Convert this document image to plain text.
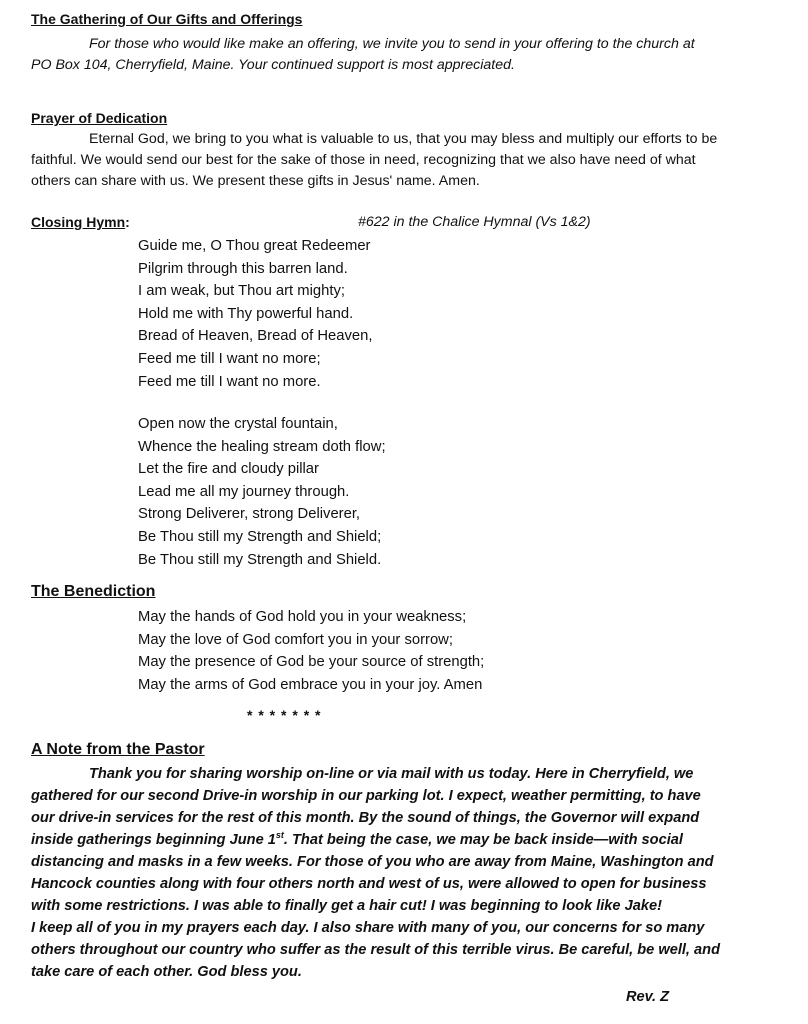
The Gathering of Our Gifts and Offerings
For those who would like make an offering, we invite you to send in your offering to the church at
PO Box 104, Cherryfield, Maine. Your continued support is most appreciated.
Prayer of Dedication
Eternal God, we bring to you what is valuable to us, that you may bless and multiply our efforts to be
faithful. We would send our best for the sake of those in need, recognizing that we also have need of what
others can share with us. We present these gifts in Jesus' name. Amen.
Closing Hymn:	#622 in the Chalice Hymnal (Vs 1&2)
Guide me, O Thou great Redeemer
Pilgrim through this barren land.
I am weak, but Thou art mighty;
Hold me with Thy powerful hand.
Bread of Heaven, Bread of Heaven,
Feed me till I want no more;
Feed me till I want no more.
Open now the crystal fountain,
Whence the healing stream doth flow;
Let the fire and cloudy pillar
Lead me all my journey through.
Strong Deliverer, strong Deliverer,
Be Thou still my Strength and Shield;
Be Thou still my Strength and Shield.
The Benediction
May the hands of God hold you in your weakness;
May the love of God comfort you in your sorrow;
May the presence of God be your source of strength;
May the arms of God embrace you in your joy. Amen
* * * * * * *
A Note from the Pastor
Thank you for sharing worship on-line or via mail with us today. Here in Cherryfield, we
gathered for our second Drive-in worship in our parking lot. I expect, weather permitting, to have
our drive-in services for the rest of this month. By the sound of things, the Governor will expand
inside gatherings beginning June 1st. That being the case, we may be back inside—with social
distancing and masks in a few weeks. For those of you who are away from Maine, Washington and
Hancock counties along with four others north and west of us, were allowed to open for business
with some restrictions. I was able to finally get a hair cut! I was beginning to look like Jake!
I keep all of you in my prayers each day. I also share with many of you, our concerns for so many
others throughout our country who suffer as the result of this terrible virus. Be careful, be well, and
take care of each other. God bless you.
Rev. Z
